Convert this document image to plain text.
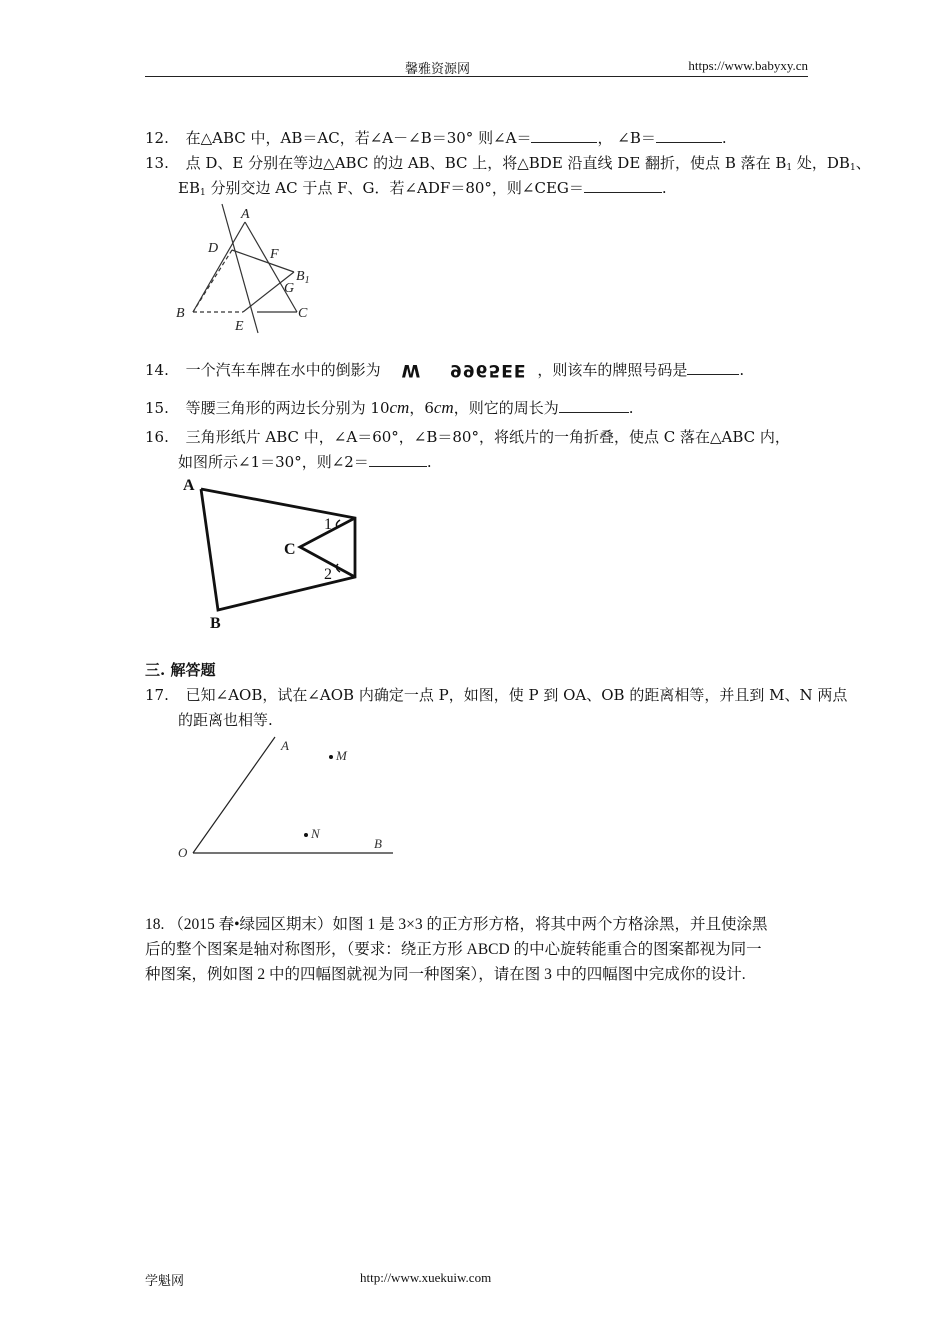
馨雅资源网	https://www.babyxy.cn
12. 在△ABC 中，AB＝AC，若∠A－∠B＝30° 则∠A＝	， ∠B＝	.
13. 点 D、E 分别在等边△ABC 的边 AB、BC 上，将△BDE 沿直线 DE 翻折，使点 B 落在 $B_1$ 处，$DB_1$、
$EB_1$ 分别交边 AC 于点 F、G．若∠ADF＝80°，则∠CEG＝	.
A
D	F
$B_1$
G
B
E
C
14. 一个汽车车牌在水中的倒影为 W 9965EE ，则该车的牌照号码是	.
15. 等腰三角形的两边长分别为 10cm，6cm，则它的周长为	.
16. 三角形纸片 ABC 中，∠A＝60°，∠B＝80°，将纸片的一角折叠，使点 C 落在△ABC 内，
如图所示∠1＝30°，则∠2＝	.
A
B
C
1
2
三. 解答题
17. 已知∠AOB，试在∠AOB 内确定一点 P，如图，使 P 到 OA、OB 的距离相等，并且到 M、N 两点
的距离也相等.
A
M
N
O
B
18. （2015 春•绿园区期末）如图 1 是 3×3 的正方形方格，将其中两个方格涂黑，并且使涂黑
后的整个图案是轴对称图形，（要求：绕正方形 ABCD 的中心旋转能重合的图案都视为同一
种图案，例如图 2 中的四幅图就视为同一种图案），请在图 3 中的四幅图中完成你的设计.
学魁网	http://www.xuekuiw.com
